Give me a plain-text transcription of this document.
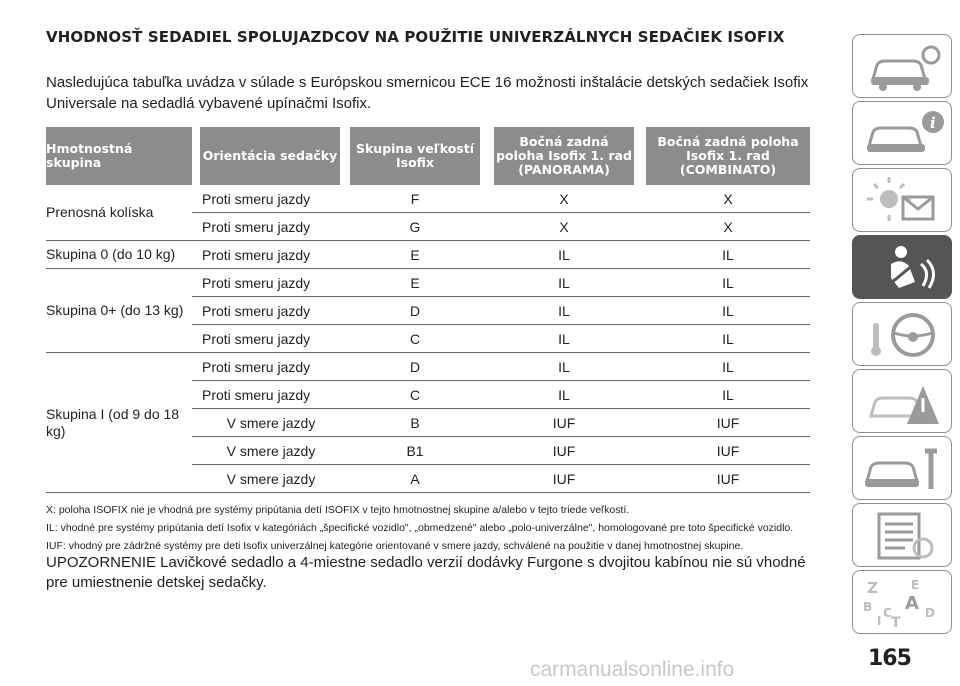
VHODNOSŤ SEDADIEL SPOLUJAZDCOV NA POUŽITIE UNIVERZÁLNYCH SEDAČIEK ISOFIX
Nasledujúca tabuľka uvádza v súlade s Európskou smernicou ECE 16 možnosti inštalácie detských sedačiek Isofix Universale na sedadlá vybavené upínačmi Isofix.
Hmotnostná skupina		Orientácia sedačky		Skupina veľkostí Isofix		Bočná zadná poloha Isofix 1. rad (PANORAMA)		Bočná zadná poloha Isofix 1. rad (COMBINATO)
Prenosná kolíska		Proti smeru jazdy		F		X		X
		Proti smeru jazdy		G		X		X
Skupina 0 (do 10 kg)		Proti smeru jazdy		E		IL		IL
Skupina 0+ (do 13 kg)		Proti smeru jazdy		E		IL		IL
		Proti smeru jazdy		D		IL		IL
		Proti smeru jazdy		C		IL		IL
Skupina I (od 9 do 18 kg)		Proti smeru jazdy		D		IL		IL
		Proti smeru jazdy		C		IL		IL
		V smere jazdy		B		IUF		IUF
		V smere jazdy		B1		IUF		IUF
		V smere jazdy		A		IUF		IUF
X: poloha ISOFIX nie je vhodná pre systémy pripútania detí ISOFIX v tejto hmotnostnej skupine a/alebo v tejto triede veľkostí.
IL: vhodné pre systémy pripútania detí Isofix v kategóriách „špecifické vozidlo", „obmedzené" alebo „polo-univerzálne", homologované pre toto špecifické vozidlo.
IUF: vhodný pre zádržné systémy pre deti Isofix univerzálnej kategórie orientované v smere jazdy, schválené na použitie v danej hmotnostnej skupine.
UPOZORNENIE Lavičkové sedadlo a 4-miestne sedadlo verzií dodávky Furgone s dvojitou kabínou nie sú vhodné pre umiestnenie detskej sedačky.
i
Z	E
B A D
I T
C
165
carmanualsonline.info
